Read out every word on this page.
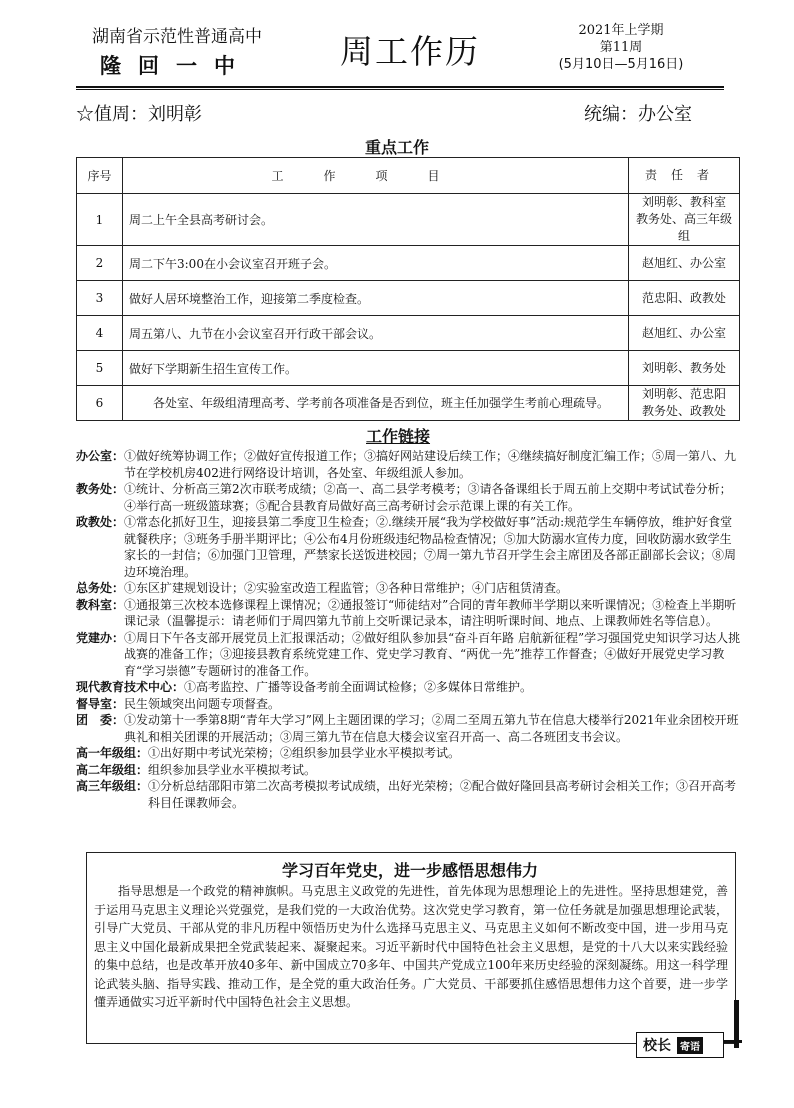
湖南省示范性普通高中
隆回一中	周工作历
2021年上学期
第11周
(5月10日—5月16日)
☆值周：刘明彰	统编：办公室
重点工作
序号	工作项目	责任者
1	周二上午全县高考研讨会。	刘明彰、教科室
教务处、高三年级组

2	周二下午3:00在小会议室召开班子会。	赵旭红、办公室
3	做好人居环境整治工作，迎接第二季度检查。	范忠阳、政教处
4	周五第八、九节在小会议室召开行政干部会议。	赵旭红、办公室
5	做好下学期新生招生宣传工作。	刘明彰、教务处
6	各处室、年级组清理高考、学考前各项准备是否到位，班主任加强学生考前心理疏导。	刘明彰、范忠阳
教务处、政教处
工作链接
办公室： ①做好统筹协调工作；②做好宣传报道工作；③搞好网站建设后续工作；④继续搞好制度汇编工作；⑤周一第八、九节在学校机房402进行网络设计培训，各处室、年级组派人参加。
教务处： ①统计、分析高三第2次市联考成绩；②高一、高二县学考模考；③请各备课组长于周五前上交期中考试试卷分析；④举行高一班级篮球赛；⑤配合县教育局做好高三高考研讨会示范课上课的有关工作。
政教处： ①常态化抓好卫生，迎接县第二季度卫生检查；②.继续开展“我为学校做好事”活动:规范学生车辆停放，维护好食堂就餐秩序；③班务手册半期评比；④公布4月份班级违纪物品检查情况；⑤加大防溺水宣传力度，回收防溺水致学生家长的一封信；⑥加强门卫管理，严禁家长送饭进校园；⑦周一第九节召开学生会主席团及各部正副部长会议；⑧周边环境治理。
总务处： ①东区扩建规划设计；②实验室改造工程监管；③各种日常维护；④门店租赁清查。
教科室： ①通报第三次校本选修课程上课情况；②通报签订“师徒结对”合同的青年教师半学期以来听课情况；③检查上半期听课记录（温馨提示：请老师们于周四第九节前上交听课记录本，请注明听课时间、地点、上课教师姓名等信息）。
党建办： ①周日下午各支部开展党员上汇报课活动；②做好组队参加县“奋斗百年路 启航新征程”学习强国党史知识学习达人挑战赛的准备工作；③迎接县教育系统党建工作、党史学习教育、“两优一先”推荐工作督查；④做好开展党史学习教育“学习崇德”专题研讨的准备工作。
现代教育技术中心： ①高考监控、广播等设备考前全面调试检修；②多媒体日常维护。
督导室： 民生领域突出问题专项督查。
团　委： ①发动第十一季第8期“青年大学习”网上主题团课的学习；②周二至周五第九节在信息大楼举行2021年业余团校开班典礼和相关团课的开展活动；③周三第九节在信息大楼会议室召开高一、高二各班团支书会议。
高一年级组： ①出好期中考试光荣榜；②组织参加县学业水平模拟考试。
高二年级组： 组织参加县学业水平模拟考试。
高三年级组： ①分析总结邵阳市第二次高考模拟考试成绩，出好光荣榜；②配合做好隆回县高考研讨会相关工作；③召开高考科目任课教师会。
学习百年党史，进一步感悟思想伟力
指导思想是一个政党的精神旗帜。马克思主义政党的先进性，首先体现为思想理论上的先进性。坚持思想建党，善于运用马克思主义理论兴党强党，是我们党的一大政治优势。这次党史学习教育，第一位任务就是加强思想理论武装，引导广大党员、干部从党的非凡历程中领悟历史为什么选择马克思主义、马克思主义如何不断改变中国，进一步用马克思主义中国化最新成果把全党武装起来、凝聚起来。习近平新时代中国特色社会主义思想，是党的十八大以来实践经验的集中总结，也是改革开放40多年、新中国成立70多年、中国共产党成立100年来历史经验的深刻凝练。用这一科学理论武装头脑、指导实践、推动工作，是全党的重大政治任务。广大党员、干部要抓住感悟思想伟力这个首要，进一步学懂弄通做实习近平新时代中国特色社会主义思想。
校长 寄语
